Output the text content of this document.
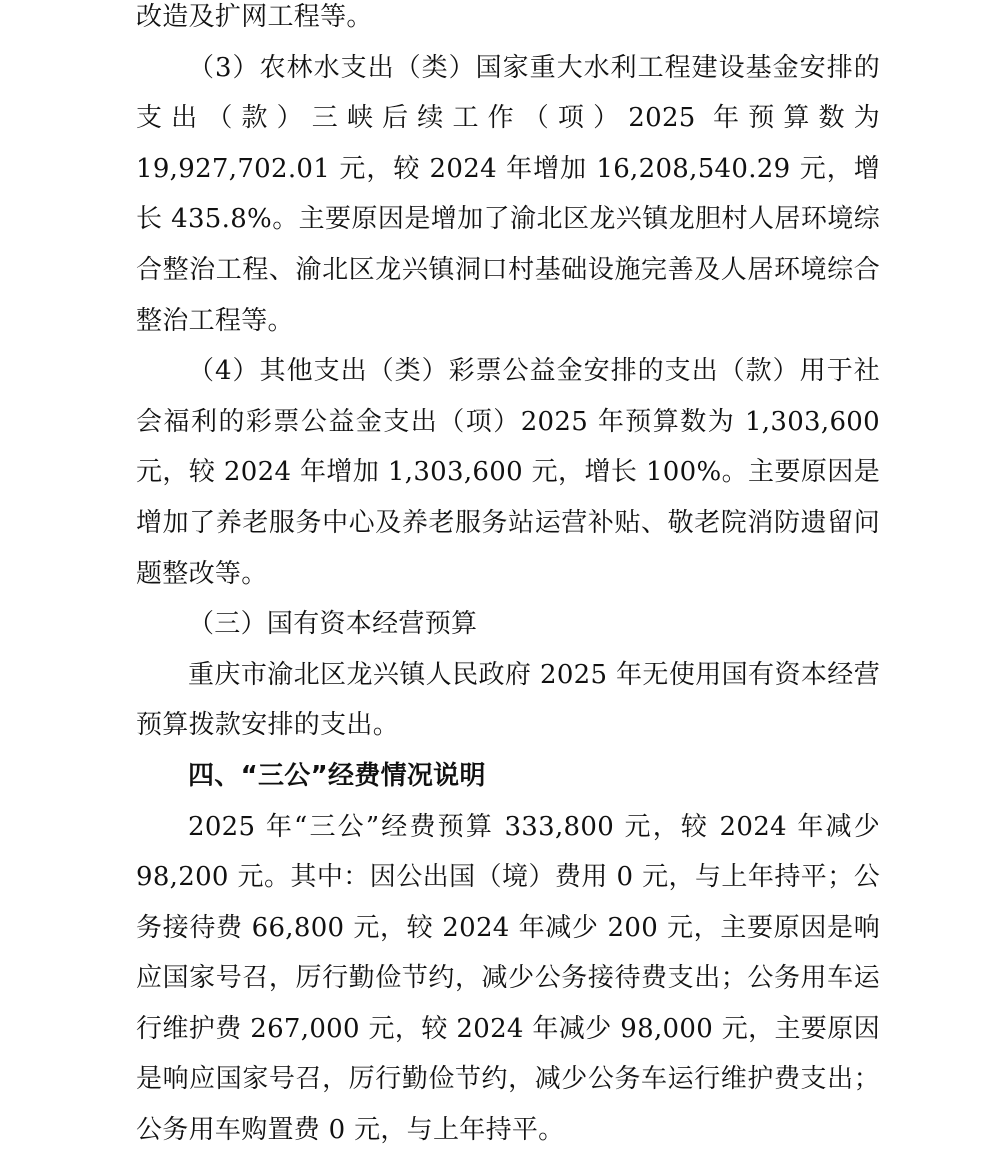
改造及扩网工程等。

（3）农林水支出（类）国家重大水利工程建设基金安排的支出（款）三峡后续工作（项）2025 年预算数为 19,927,702.01 元，较 2024 年增加 16,208,540.29 元，增长 435.8%。主要原因是增加了渝北区龙兴镇龙胆村人居环境综合整治工程、渝北区龙兴镇洞口村基础设施完善及人居环境综合整治工程等。

（4）其他支出（类）彩票公益金安排的支出（款）用于社会福利的彩票公益金支出（项）2025 年预算数为 1,303,600 元，较 2024 年增加 1,303,600 元，增长 100%。主要原因是增加了养老服务中心及养老服务站运营补贴、敬老院消防遗留问题整改等。

（三）国有资本经营预算

重庆市渝北区龙兴镇人民政府 2025 年无使用国有资本经营预算拨款安排的支出。

四、“三公”经费情况说明

2025 年“三公”经费预算 333,800 元，较 2024 年减少 98,200 元。其中：因公出国（境）费用 0 元，与上年持平；公务接待费 66,800 元，较 2024 年减少 200 元，主要原因是响应国家号召，厉行勤俭节约，减少公务接待费支出；公务用车运行维护费 267,000 元，较 2024 年减少 98,000 元，主要原因是响应国家号召，厉行勤俭节约，减少公务车运行维护费支出；公务用车购置费 0 元，与上年持平。
